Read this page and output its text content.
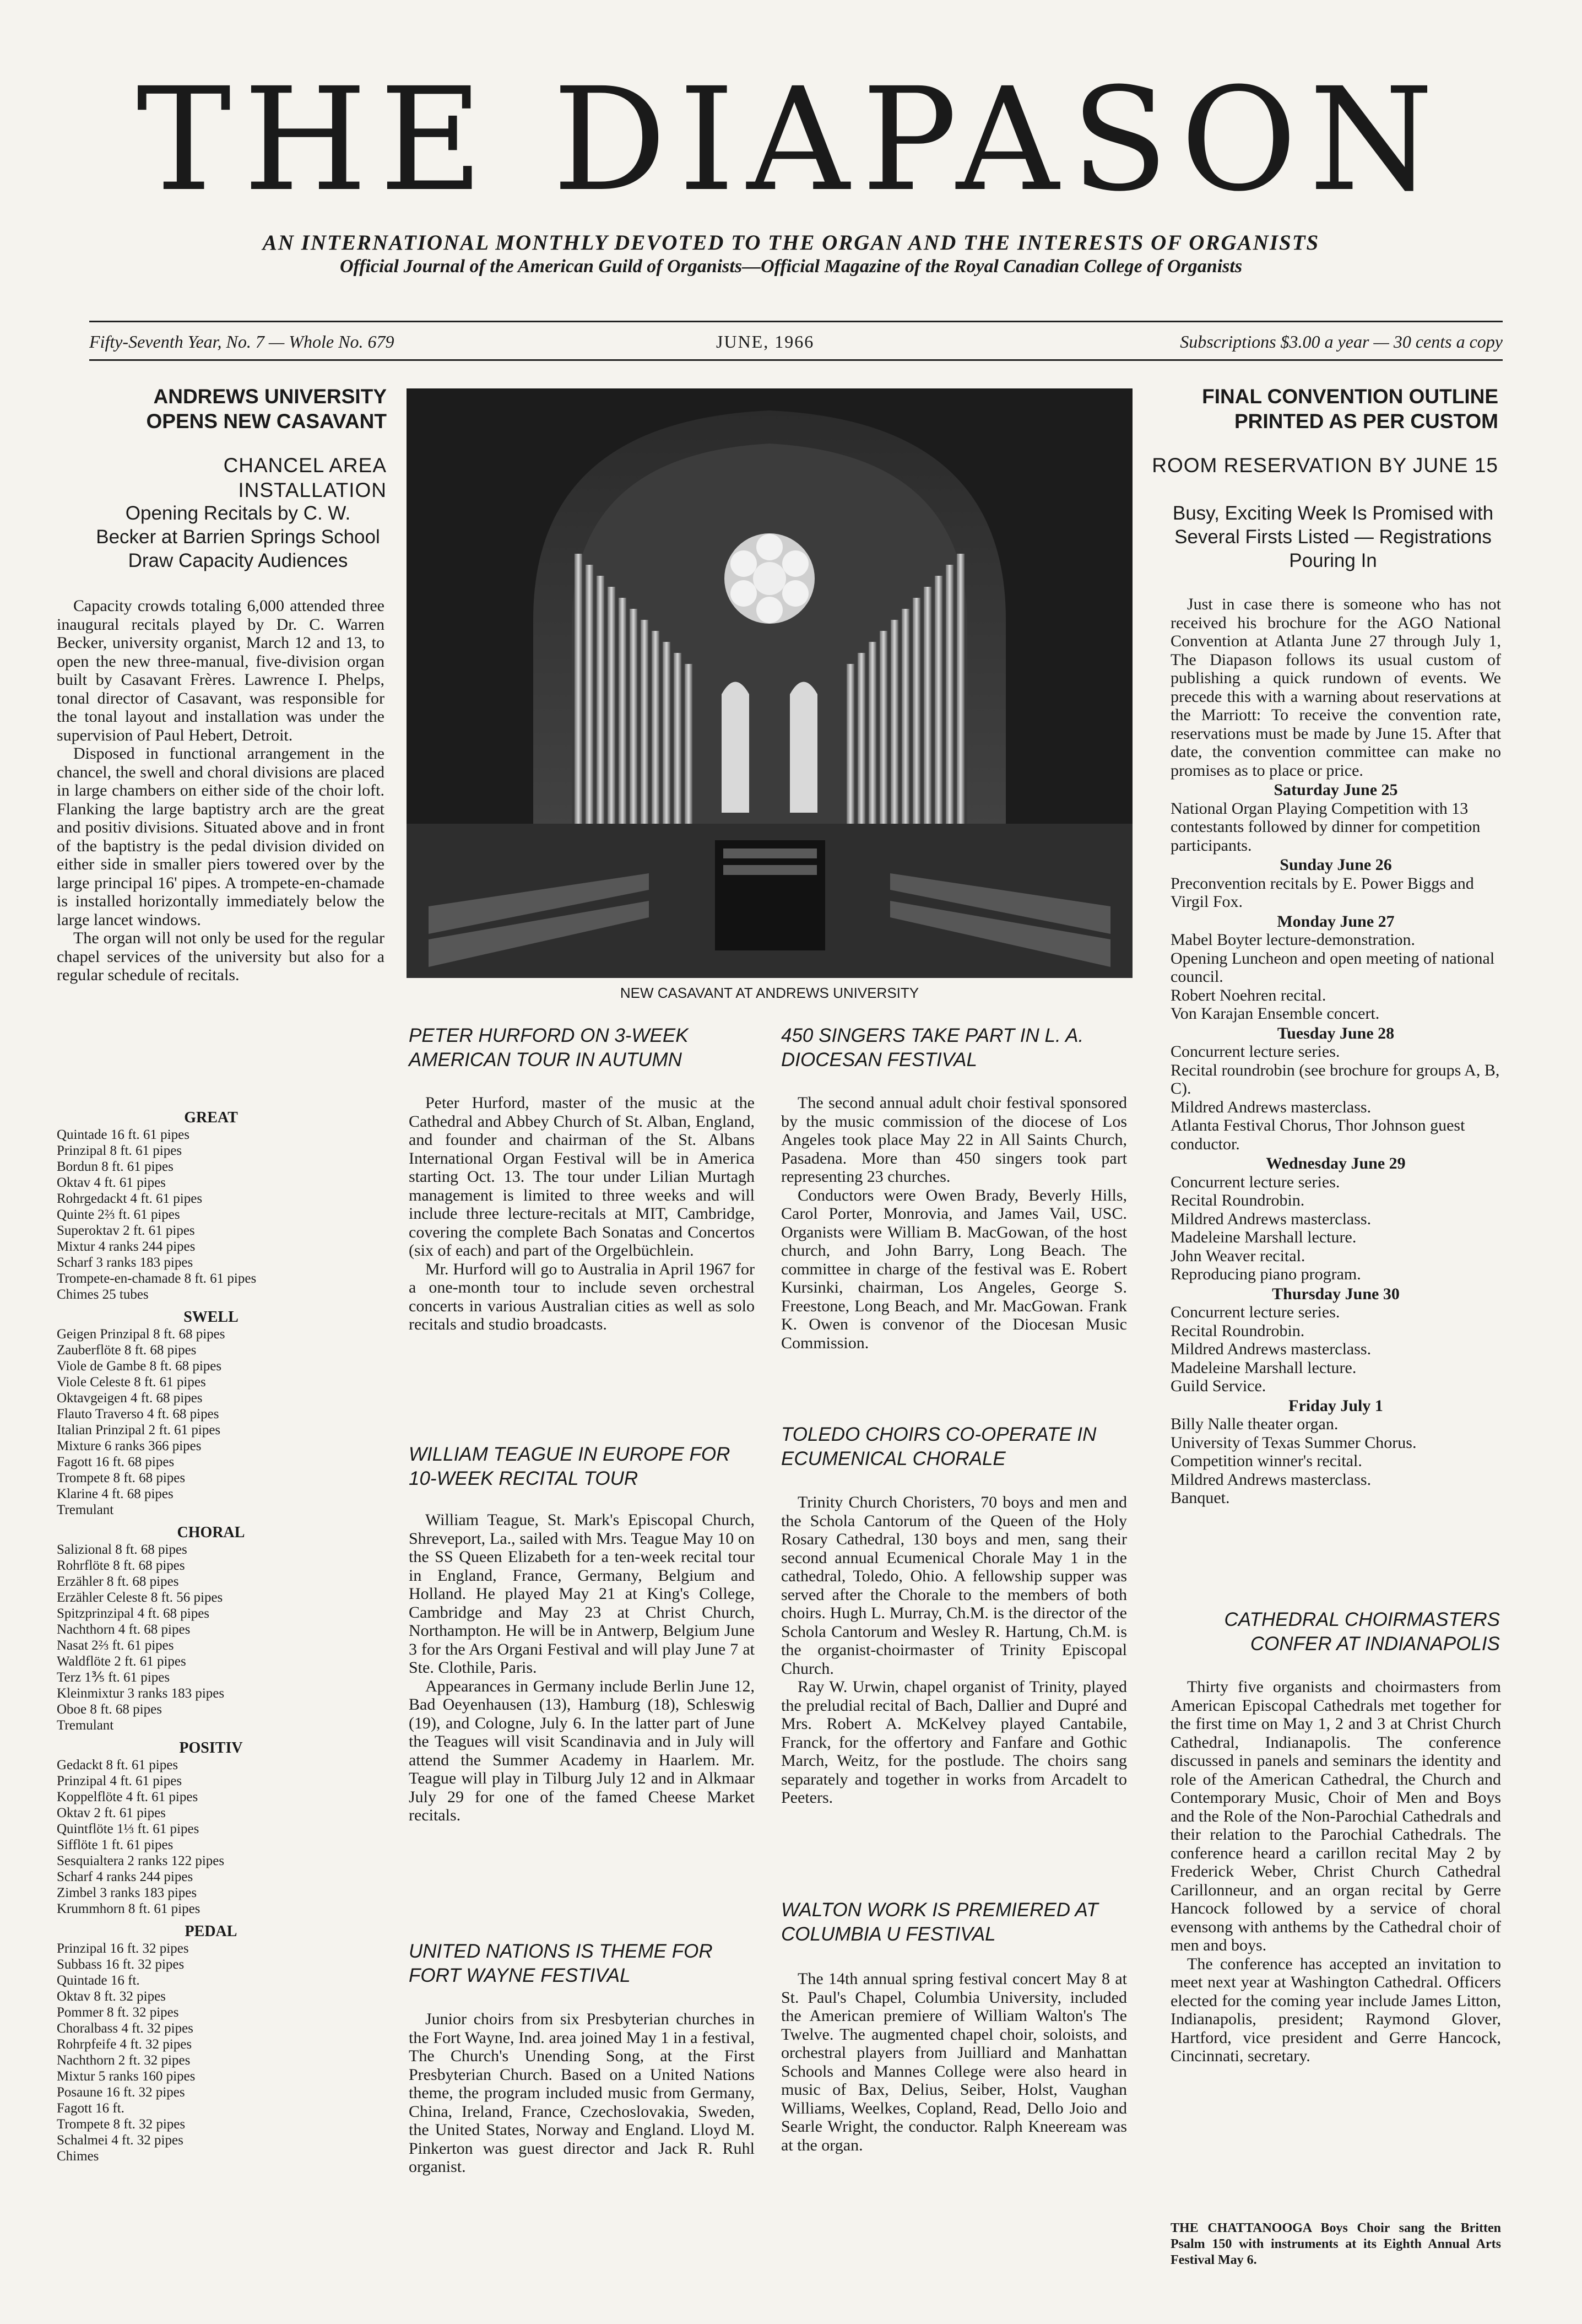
THE DIAPASON
AN INTERNATIONAL MONTHLY DEVOTED TO THE ORGAN AND THE INTERESTS OF ORGANISTS
Official Journal of the American Guild of Organists—Official Magazine of the Royal Canadian College of Organists
Fifty-Seventh Year, No. 7 — Whole No. 679	JUNE, 1966	Subscriptions $3.00 a year — 30 cents a copy
ANDREWS UNIVERSITY OPENS NEW CASAVANT
CHANCEL AREA INSTALLATION
Opening Recitals by C. W. Becker at Barrien Springs School Draw Capacity Audiences

Capacity crowds totaling 6,000 attended three inaugural recitals played by Dr. C. Warren Becker, university organist, March 12 and 13, to open the new three-manual, five-division organ built by Casavant Frères. Lawrence I. Phelps, tonal director of Casavant, was responsible for the tonal layout and installation was under the supervision of Paul Hebert, Detroit.

Disposed in functional arrangement in the chancel, the swell and choral divisions are placed in large chambers on either side of the choir loft. Flanking the large baptistry arch are the great and positiv divisions. Situated above and in front of the baptistry is the pedal division divided on either side in smaller piers towered over by the large principal 16' pipes. A trompete-en-chamade is installed horizontally immediately below the large lancet windows.

The organ will not only be used for the regular chapel services of the university but also for a regular schedule of recitals.

GREAT
Quintade 16 ft. 61 pipes
Prinzipal 8 ft. 61 pipes
Bordun 8 ft. 61 pipes
Oktav 4 ft. 61 pipes
Rohrgedackt 4 ft. 61 pipes
Quinte 2⅔ ft. 61 pipes
Superoktav 2 ft. 61 pipes
Mixtur 4 ranks 244 pipes
Scharf 3 ranks 183 pipes
Trompete-en-chamade 8 ft. 61 pipes
Chimes 25 tubes
SWELL
Geigen Prinzipal 8 ft. 68 pipes
Zauberflöte 8 ft. 68 pipes
Viole de Gambe 8 ft. 68 pipes
Viole Celeste 8 ft. 61 pipes
Oktavgeigen 4 ft. 68 pipes
Flauto Traverso 4 ft. 68 pipes
Italian Prinzipal 2 ft. 61 pipes
Mixture 6 ranks 366 pipes
Fagott 16 ft. 68 pipes
Trompete 8 ft. 68 pipes
Klarine 4 ft. 68 pipes
Tremulant
CHORAL
Salizional 8 ft. 68 pipes
Rohrflöte 8 ft. 68 pipes
Erzähler 8 ft. 68 pipes
Erzähler Celeste 8 ft. 56 pipes
Spitzprinzipal 4 ft. 68 pipes
Nachthorn 4 ft. 68 pipes
Nasat 2⅔ ft. 61 pipes
Waldflöte 2 ft. 61 pipes
Terz 1⅗ ft. 61 pipes
Kleinmixtur 3 ranks 183 pipes
Oboe 8 ft. 68 pipes
Tremulant
POSITIV
Gedackt 8 ft. 61 pipes
Prinzipal 4 ft. 61 pipes
Koppelflöte 4 ft. 61 pipes
Oktav 2 ft. 61 pipes
Quintflöte 1⅓ ft. 61 pipes
Sifflöte 1 ft. 61 pipes
Sesquialtera 2 ranks 122 pipes
Scharf 4 ranks 244 pipes
Zimbel 3 ranks 183 pipes
Krummhorn 8 ft. 61 pipes
PEDAL
Prinzipal 16 ft. 32 pipes
Subbass 16 ft. 32 pipes
Quintade 16 ft.
Oktav 8 ft. 32 pipes
Pommer 8 ft. 32 pipes
Choralbass 4 ft. 32 pipes
Rohrpfeife 4 ft. 32 pipes
Nachthorn 2 ft. 32 pipes
Mixtur 5 ranks 160 pipes
Posaune 16 ft. 32 pipes
Fagott 16 ft.
Trompete 8 ft. 32 pipes
Schalmei 4 ft. 32 pipes
Chimes
NEW CASAVANT AT ANDREWS UNIVERSITY
PETER HURFORD ON 3-WEEK AMERICAN TOUR IN AUTUMN

Peter Hurford, master of the music at the Cathedral and Abbey Church of St. Alban, England, and founder and chairman of the St. Albans International Organ Festival will be in America starting Oct. 13. The tour under Lilian Murtagh management is limited to three weeks and will include three lecture-recitals at MIT, Cambridge, covering the complete Bach Sonatas and Concertos (six of each) and part of the Orgelbüchlein.

Mr. Hurford will go to Australia in April 1967 for a one-month tour to include seven orchestral concerts in various Australian cities as well as solo recitals and studio broadcasts.

WILLIAM TEAGUE IN EUROPE FOR 10-WEEK RECITAL TOUR

William Teague, St. Mark's Episcopal Church, Shreveport, La., sailed with Mrs. Teague May 10 on the SS Queen Elizabeth for a ten-week recital tour in England, France, Germany, Belgium and Holland. He played May 21 at King's College, Cambridge and May 23 at Christ Church, Northampton. He will be in Antwerp, Belgium June 3 for the Ars Organi Festival and will play June 7 at Ste. Clothile, Paris.

Appearances in Germany include Berlin June 12, Bad Oeyenhausen (13), Hamburg (18), Schleswig (19), and Cologne, July 6. In the latter part of June the Teagues will visit Scandinavia and in July will attend the Summer Academy in Haarlem. Mr. Teague will play in Tilburg July 12 and in Alkmaar July 29 for one of the famed Cheese Market recitals.

UNITED NATIONS IS THEME FOR FORT WAYNE FESTIVAL

Junior choirs from six Presbyterian churches in the Fort Wayne, Ind. area joined May 1 in a festival, The Church's Unending Song, at the First Presbyterian Church. Based on a United Nations theme, the program included music from Germany, China, Ireland, France, Czechoslovakia, Sweden, the United States, Norway and England. Lloyd M. Pinkerton was guest director and Jack R. Ruhl organist.

450 SINGERS TAKE PART IN L. A. DIOCESAN FESTIVAL

The second annual adult choir festival sponsored by the music commission of the diocese of Los Angeles took place May 22 in All Saints Church, Pasadena. More than 450 singers took part representing 23 churches.

Conductors were Owen Brady, Beverly Hills, Carol Porter, Monrovia, and James Vail, USC. Organists were William B. MacGowan, of the host church, and John Barry, Long Beach. The committee in charge of the festival was E. Robert Kursinki, chairman, Los Angeles, George S. Freestone, Long Beach, and Mr. MacGowan. Frank K. Owen is convenor of the Diocesan Music Commission.

TOLEDO CHOIRS CO-OPERATE IN ECUMENICAL CHORALE

Trinity Church Choristers, 70 boys and men and the Schola Cantorum of the Queen of the Holy Rosary Cathedral, 130 boys and men, sang their second annual Ecumenical Chorale May 1 in the cathedral, Toledo, Ohio. A fellowship supper was served after the Chorale to the members of both choirs. Hugh L. Murray, Ch.M. is the director of the Schola Cantorum and Wesley R. Hartung, Ch.M. is the organist-choirmaster of Trinity Episcopal Church.

Ray W. Urwin, chapel organist of Trinity, played the preludial recital of Bach, Dallier and Dupré and Mrs. Robert A. McKelvey played Cantabile, Franck, for the offertory and Fanfare and Gothic March, Weitz, for the postlude. The choirs sang separately and together in works from Arcadelt to Peeters.

WALTON WORK IS PREMIERED AT COLUMBIA U FESTIVAL

The 14th annual spring festival concert May 8 at St. Paul's Chapel, Columbia University, included the American premiere of William Walton's The Twelve. The augmented chapel choir, soloists, and orchestral players from Juilliard and Manhattan Schools and Mannes College were also heard in music of Bax, Delius, Seiber, Holst, Vaughan Williams, Weelkes, Copland, Read, Dello Joio and Searle Wright, the conductor. Ralph Kneeream was at the organ.

FINAL CONVENTION OUTLINE PRINTED AS PER CUSTOM
ROOM RESERVATION BY JUNE 15
Busy, Exciting Week Is Promised with Several Firsts Listed — Registrations Pouring In

Just in case there is someone who has not received his brochure for the AGO National Convention at Atlanta June 27 through July 1, The Diapason follows its usual custom of publishing a quick rundown of events. We precede this with a warning about reservations at the Marriott: To receive the convention rate, reservations must be made by June 15. After that date, the convention committee can make no promises as to place or price.

Saturday June 25

National Organ Playing Competition with 13 contestants followed by dinner for competition participants.

Sunday June 26

Preconvention recitals by E. Power Biggs and Virgil Fox.

Monday June 27

Mabel Boyter lecture-demonstration.

Opening Luncheon and open meeting of national council.

Robert Noehren recital.

Von Karajan Ensemble concert.

Tuesday June 28

Concurrent lecture series.

Recital roundrobin (see brochure for groups A, B, C).

Mildred Andrews masterclass.

Atlanta Festival Chorus, Thor Johnson guest conductor.

Wednesday June 29

Concurrent lecture series.

Recital Roundrobin.

Mildred Andrews masterclass.

Madeleine Marshall lecture.

John Weaver recital.

Reproducing piano program.

Thursday June 30

Concurrent lecture series.

Recital Roundrobin.

Mildred Andrews masterclass.

Madeleine Marshall lecture.

Guild Service.

Friday July 1

Billy Nalle theater organ.

University of Texas Summer Chorus.

Competition winner's recital.

Mildred Andrews masterclass.

Banquet.

CATHEDRAL CHOIRMASTERS CONFER AT INDIANAPOLIS

Thirty five organists and choirmasters from American Episcopal Cathedrals met together for the first time on May 1, 2 and 3 at Christ Church Cathedral, Indianapolis. The conference discussed in panels and seminars the identity and role of the American Cathedral, the Church and Contemporary Music, Choir of Men and Boys and the Role of the Non-Parochial Cathedrals and their relation to the Parochial Cathedrals. The conference heard a carillon recital May 2 by Frederick Weber, Christ Church Cathedral Carillonneur, and an organ recital by Gerre Hancock followed by a service of choral evensong with anthems by the Cathedral choir of men and boys.

The conference has accepted an invitation to meet next year at Washington Cathedral. Officers elected for the coming year include James Litton, Indianapolis, president; Raymond Glover, Hartford, vice president and Gerre Hancock, Cincinnati, secretary.

THE CHATTANOOGA Boys Choir sang the Britten Psalm 150 with instruments at its Eighth Annual Arts Festival May 6.
